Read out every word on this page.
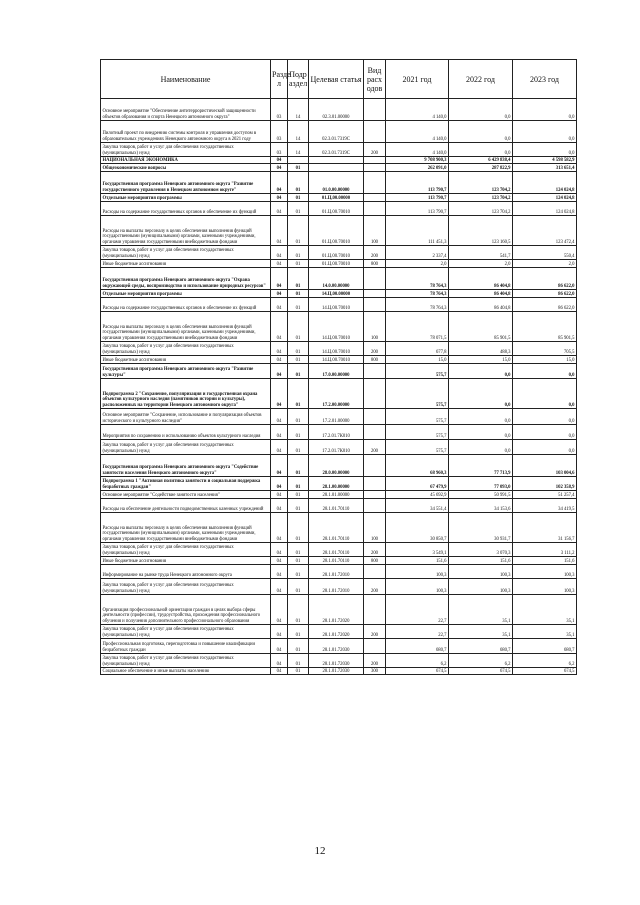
Наименование	Разде л	Подр аздел	Целевая статья	Вид расх одов	2021 год	2022 год	2023 год
Основное мероприятие "Обеспечение антитеррористической защищенности объектов образования и спорта Ненецкого автономного округа"	03	14	02.3.01.00000		4 140,0	0,0	0,0
Пилотный проект по внедрению системы контроля и управления доступом в образовательных учреждениях Ненецкого автономного округа в 2021 году	03	14	02.3.01.7319С		4 140,0	0,0	0,0
Закупка товаров, работ и услуг для обеспечения государственных (муниципальных) нужд	03	14	02.3.01.7319С	200	4 140,0	0,0	0,0
НАЦИОНАЛЬНАЯ ЭКОНОМИКА	04				9 708 900,3	6 429 838,4	4 598 582,9
Общеэкономические вопросы	04	01			262 091,0	287 822,9	313 651,4
Государственная программа Ненецкого автономного округа "Развитие государственного управления в Ненецком автономном округе"	04	01	01.0.00.00000		113 790,7	123 704,2	124 024,8
Отдельные мероприятия программы	04	01	01.Ц.00.00000		113 790,7	123 704,2	124 024,8
Расходы на содержание государственных органов и обеспечение их функций	04	01	01.Ц.00.70010		113 790,7	123 704,2	124 024,8
Расходы на выплаты персоналу в целях обеспечения выполнения функций государственными (муниципальными) органами, казенными учреждениями, органами управления государственными внебюджетными фондами	04	01	01.Ц.00.70010	100	111 451,3	123 160,5	123 472,4
Закупка товаров, работ и услуг для обеспечения государственных (муниципальных) нужд	04	01	01.Ц.00.70010	200	2 337,4	541,7	550,4
Иные бюджетные ассигнования	04	01	01.Ц.00.70010	800	2,0	2,0	2,0
Государственная программа Ненецкого автономного округа "Охрана окружающей среды, воспроизводство и использование природных ресурсов"	04	01	14.0.00.00000		78 764,3	86 404,8	86 622,0
Отдельные мероприятия программы	04	01	14.Ц.00.00000		78 764,3	86 404,8	86 622,0
Расходы на содержание государственных органов и обеспечение их функций	04	01	14.Ц.00.70010		78 764,3	86 404,8	86 622,0
Расходы на выплаты персоналу в целях обеспечения выполнения функций государственными (муниципальными) органами, казенными учреждениями, органами управления государственными внебюджетными фондами	04	01	14.Ц.00.70010	100	78 071,5	85 901,5	85 901,5
Закупка товаров, работ и услуг для обеспечения государственных (муниципальных) нужд	04	01	14.Ц.00.70010	200	677,8	488,3	705,5
Иные бюджетные ассигнования	04	01	14.Ц.00.70010	800	15,0	15,0	15,0
Государственная программа Ненецкого автономного округа "Развитие культуры"	04	01	17.0.00.00000		575,7	0,0	0,0
Подпрограмма 2 "Сохранение, популяризация и государственная охрана объектов культурного наследия (памятников истории и культуры), расположенных на территории Ненецкого автономного округа"	04	01	17.2.00.00000		575,7	0,0	0,0
Основное мероприятие "Сохранение, использование и популяризация объектов исторического и культурного наследия"	04	01	17.2.01.00000		575,7	0,0	0,0
Мероприятия по сохранению и использованию объектов культурного наследия	04	01	17.2.01.7К010		575,7	0,0	0,0
Закупка товаров, работ и услуг для обеспечения государственных (муниципальных) нужд	04	01	17.2.01.7К010	200	575,7	0,0	0,0
Государственная программа Ненецкого автономного округа "Содействие занятости населения Ненецкого автономного округа"	04	01	28.0.00.00000		68 960,3	77 713,9	103 004,6
Подпрограмма 1 "Активная политика занятости и социальная поддержка безработных граждан"	04	01	28.1.00.00000		67 479,9	77 093,0	102 358,9
Основное мероприятие "Содействие занятости населения"	04	01	28.1.01.00000		45 692,9	50 991,5	51 257,4
Расходы на обеспечение деятельности подведомственных казенных учреждений	04	01	28.1.01.70110		34 551,4	34 153,6	34 419,5
Расходы на выплаты персоналу в целях обеспечения выполнения функций государственными (муниципальными) органами, казенными учреждениями, органами управления государственными внебюджетными фондами	04	01	28.1.01.70110	100	30 850,7	30 931,7	31 156,7
Закупка товаров, работ и услуг для обеспечения государственных (муниципальных) нужд	04	01	28.1.01.70110	200	3 549,1	3 070,3	3 111,2
Иные бюджетные ассигнования	04	01	28.1.01.70110	800	151,6	151,6	151,6
Информирование на рынке труда Ненецкого автономного округа	04	01	28.1.01.72010		100,3	100,3	100,3
Закупка товаров, работ и услуг для обеспечения государственных (муниципальных) нужд	04	01	28.1.01.72010	200	100,3	100,3	100,3
Организация профессиональной ориентации граждан в целях выбора сферы деятельности (профессии), трудоустройства, прохождения профессионального обучения и получения дополнительного профессионального образования	04	01	28.1.01.72020		22,7	35,1	35,1
Закупка товаров, работ и услуг для обеспечения государственных (муниципальных) нужд	04	01	28.1.01.72020	200	22,7	35,1	35,1
Профессиональная подготовка, переподготовка и повышение квалификации безработных граждан	04	01	28.1.01.72030		680,7	680,7	680,7
Закупка товаров, работ и услуг для обеспечения государственных (муниципальных) нужд	04	01	28.1.01.72030	200	6,2	6,2	6,2
Социальное обеспечение и иные выплаты населению	04	01	28.1.01.72030	300	674,5	674,5	674,5
12
